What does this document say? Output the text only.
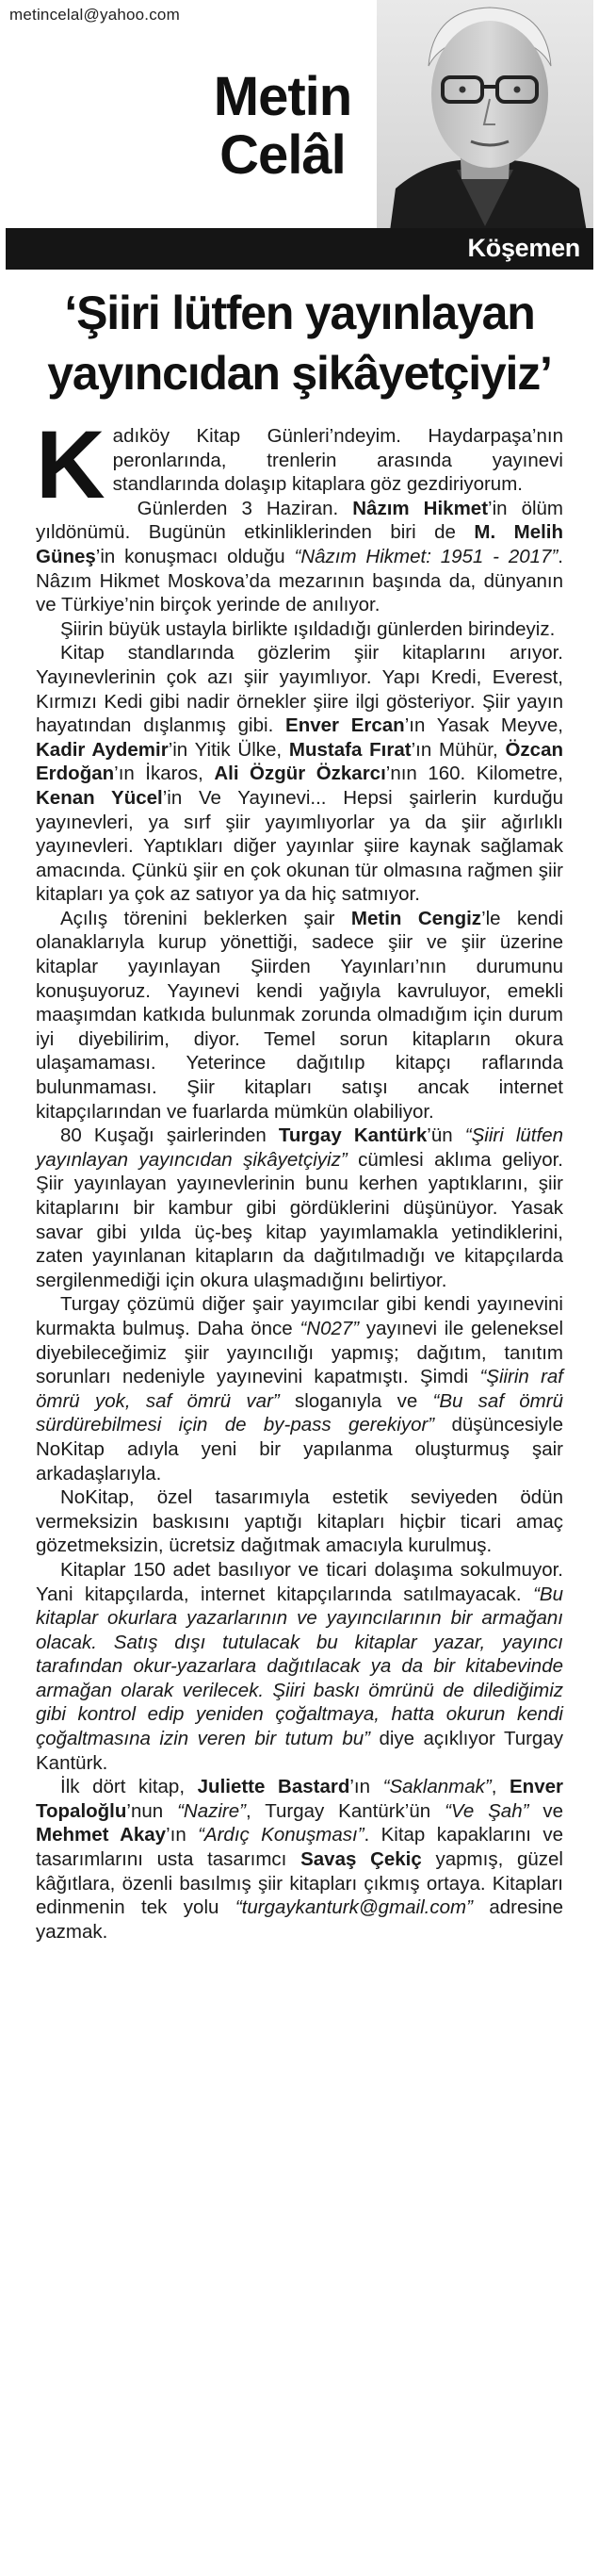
metincelal@yahoo.com
Metin
Celâl
Köşemen
‘Şiiri lütfen yayınlayan
yayıncıdan şikâyetçiyiz’

Kadıköy Kitap Günleri’ndeyim. Haydarpaşa’nın peronlarında, trenlerin arasında yayınevi standlarında dolaşıp kitaplara göz gezdiriyorum.

Günlerden 3 Haziran. Nâzım Hikmet’in ölüm yıldönümü. Bugünün etkinliklerinden biri de M. Melih Güneş’in konuşmacı olduğu “Nâzım Hikmet: 1951 - 2017”. Nâzım Hikmet Moskova’da mezarının başında da, dünyanın ve Türkiye’nin birçok yerinde de anılıyor.

Şiirin büyük ustayla birlikte ışıldadığı günlerden birindeyiz.

Kitap standlarında gözlerim şiir kitaplarını arıyor. Yayınevlerinin çok azı şiir yayımlıyor. Yapı Kredi, Everest, Kırmızı Kedi gibi nadir örnekler şiire ilgi gösteriyor. Şiir yayın hayatından dışlanmış gibi. Enver Ercan’ın Yasak Meyve, Kadir Aydemir’in Yitik Ülke, Mustafa Fırat’ın Mühür, Özcan Erdoğan’ın İkaros, Ali Özgür Özkarcı’nın 160. Kilometre, Kenan Yücel’in Ve Yayınevi... Hepsi şairlerin kurduğu yayınevleri, ya sırf şiir yayımlıyorlar ya da şiir ağırlıklı yayınevleri. Yaptıkları diğer yayınlar şiire kaynak sağlamak amacında. Çünkü şiir en çok okunan tür olmasına rağmen şiir kitapları ya çok az satıyor ya da hiç satmıyor.

Açılış törenini beklerken şair Metin Cengiz’le kendi olanaklarıyla kurup yönettiği, sadece şiir ve şiir üzerine kitaplar yayınlayan Şiirden Yayınları’nın durumunu konuşuyoruz. Yayınevi kendi yağıyla kavruluyor, emekli maaşımdan katkıda bulunmak zorunda olmadığım için durum iyi diyebilirim, diyor. Temel sorun kitapların okura ulaşamaması. Yeterince dağıtılıp kitapçı raflarında bulunmaması. Şiir kitapları satışı ancak internet kitapçılarından ve fuarlarda mümkün olabiliyor.

80 Kuşağı şairlerinden Turgay Kantürk’ün “Şiiri lütfen yayınlayan yayıncıdan şikâyetçiyiz” cümlesi aklıma geliyor. Şiir yayınlayan yayınevlerinin bunu kerhen yaptıklarını, şiir kitaplarını bir kambur gibi gördüklerini düşünüyor. Yasak savar gibi yılda üç-beş kitap yayımlamakla yetindiklerini, zaten yayınlanan kitapların da dağıtılmadığı ve kitapçılarda sergilenmediği için okura ulaşmadığını belirtiyor.

Turgay çözümü diğer şair yayımcılar gibi kendi yayınevini kurmakta bulmuş. Daha önce “N027” yayınevi ile geleneksel diyebileceğimiz şiir yayıncılığı yapmış; dağıtım, tanıtım sorunları nedeniyle yayınevini kapatmıştı. Şimdi “Şiirin raf ömrü yok, saf ömrü var” sloganıyla ve “Bu saf ömrü sürdürebilmesi için de by-pass gerekiyor” düşüncesiyle NoKitap adıyla yeni bir yapılanma oluşturmuş şair arkadaşlarıyla.

NoKitap, özel tasarımıyla estetik seviyeden ödün vermeksizin baskısını yaptığı kitapları hiçbir ticari amaç gözetmeksizin, ücretsiz dağıtmak amacıyla kurulmuş.

Kitaplar 150 adet basılıyor ve ticari dolaşıma sokulmuyor. Yani kitapçılarda, internet kitapçılarında satılmayacak. “Bu kitaplar okurlara yazarlarının ve yayıncılarının bir armağanı olacak. Satış dışı tutulacak bu kitaplar yazar, yayıncı tarafından okur-yazarlara dağıtılacak ya da bir kitabevinde armağan olarak verilecek. Şiiri baskı ömrünü de dilediğimiz gibi kontrol edip yeniden çoğaltmaya, hatta okurun kendi çoğaltmasına izin veren bir tutum bu” diye açıklıyor Turgay Kantürk.

İlk dört kitap, Juliette Bastard’ın “Saklanmak”, Enver Topaloğlu’nun “Nazire”, Turgay Kantürk’ün “Ve Şah” ve Mehmet Akay’ın “Ardıç Konuşması”. Kitap kapaklarını ve tasarımlarını usta tasarımcı Savaş Çekiç yapmış, güzel kâğıtlara, özenli basılmış şiir kitapları çıkmış ortaya. Kitapları edinmenin tek yolu “turgaykanturk@gmail.com” adresine yazmak.
